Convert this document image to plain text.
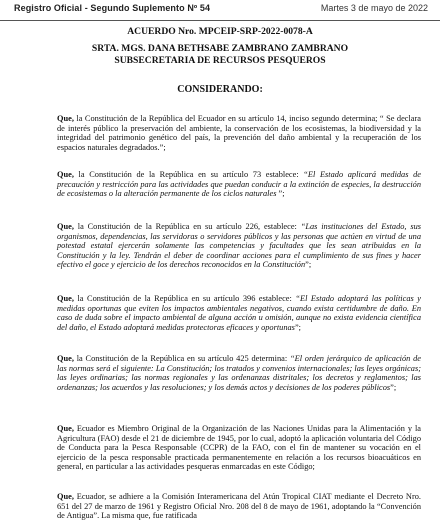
Registro Oficial - Segundo Suplemento Nº 54	Martes 3 de mayo de 2022
ACUERDO Nro. MPCEIP-SRP-2022-0078-A
SRTA. MGS. DANA BETHSABE ZAMBRANO ZAMBRANO
SUBSECRETARIA DE RECURSOS PESQUEROS
CONSIDERANDO:
Que, la Constitución de la República del Ecuador en su artículo 14, inciso segundo determina; “ Se declara de interés público la preservación del ambiente, la conservación de los ecosistemas, la biodiversidad y la integridad del patrimonio genético del país, la prevención del daño ambiental y la recuperación de los espacios naturales degradados.”;
Que, la Constitución de la República en su artículo 73 establece: “El Estado aplicará medidas de precaución y restricción para las actividades que puedan conducir a la extinción de especies, la destrucción de ecosistemas o la alteración permanente de los ciclos naturales ”;
Que, la Constitución de la República en su artículo 226, establece: “Las instituciones del Estado, sus organismos, dependencias, las servidoras o servidores públicos y las personas que actúen en virtud de una potestad estatal ejercerán solamente las competencias y facultades que les sean atribuidas en la Constitución y la ley. Tendrán el deber de coordinar acciones para el cumplimiento de sus fines y hacer efectivo el goce y ejercicio de los derechos reconocidos en la Constitución”;
Que, la Constitución de la República en su artículo 396 establece: “El Estado adoptará las políticas y medidas oportunas que eviten los impactos ambientales negativos, cuando exista certidumbre de daño. En caso de duda sobre el impacto ambiental de alguna acción u omisión, aunque no exista evidencia científica del daño, el Estado adoptará medidas protectoras eficaces y oportunas”;
Que, la Constitución de la República en su artículo 425 determina: “El orden jerárquico de aplicación de las normas será el siguiente: La Constitución; los tratados y convenios internacionales; las leyes orgánicas; las leyes ordinarias; las normas regionales y las ordenanzas distritales; los decretos y reglamentos; las ordenanzas; los acuerdos y las resoluciones; y los demás actos y decisiones de los poderes públicos”;
Que, Ecuador es Miembro Original de la Organización de las Naciones Unidas para la Alimentación y la Agricultura (FAO) desde el 21 de diciembre de 1945, por lo cual, adoptó la aplicación voluntaria del Código de Conducta para la Pesca Responsable (CCPR) de la FAO, con el fin de mantener su vocación en el ejercicio de la pesca responsable practicada permanentemente en relación a los recursos bioacuáticos en general, en particular a las actividades pesqueras enmarcadas en este Código;
Que, Ecuador, se adhiere a la Comisión Interamericana del Atún Tropical CIAT mediante el Decreto Nro. 651 del 27 de marzo de 1961 y Registro Oficial Nro. 208 del 8 de mayo de 1961, adoptando la “Convención de Antigua”. La misma que, fue ratificada
